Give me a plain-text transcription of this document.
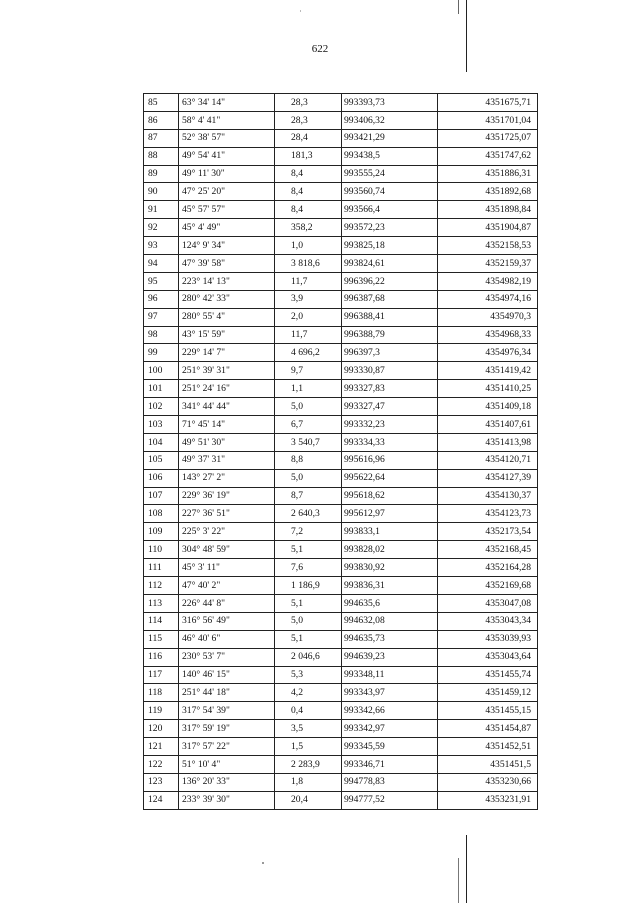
622
85	63° 34' 14"	28,3	993393,73	4351675,71
86	58° 4' 41"	28,3	993406,32	4351701,04
87	52° 38' 57"	28,4	993421,29	4351725,07
88	49° 54' 41"	181,3	993438,5	4351747,62
89	49° 11' 30"	8,4	993555,24	4351886,31
90	47° 25' 20"	8,4	993560,74	4351892,68
91	45° 57' 57"	8,4	993566,4	4351898,84
92	45° 4' 49"	358,2	993572,23	4351904,87
93	124° 9' 34"	1,0	993825,18	4352158,53
94	47° 39' 58"	3 818,6	993824,61	4352159,37
95	223° 14' 13"	11,7	996396,22	4354982,19
96	280° 42' 33"	3,9	996387,68	4354974,16
97	280° 55' 4"	2,0	996388,41	4354970,3
98	43° 15' 59"	11,7	996388,79	4354968,33
99	229° 14' 7"	4 696,2	996397,3	4354976,34
100	251° 39' 31"	9,7	993330,87	4351419,42
101	251° 24' 16"	1,1	993327,83	4351410,25
102	341° 44' 44"	5,0	993327,47	4351409,18
103	71° 45' 14"	6,7	993332,23	4351407,61
104	49° 51' 30"	3 540,7	993334,33	4351413,98
105	49° 37' 31"	8,8	995616,96	4354120,71
106	143° 27' 2"	5,0	995622,64	4354127,39
107	229° 36' 19"	8,7	995618,62	4354130,37
108	227° 36' 51"	2 640,3	995612,97	4354123,73
109	225° 3' 22"	7,2	993833,1	4352173,54
110	304° 48' 59"	5,1	993828,02	4352168,45
111	45° 3' 11"	7,6	993830,92	4352164,28
112	47° 40' 2"	1 186,9	993836,31	4352169,68
113	226° 44' 8"	5,1	994635,6	4353047,08
114	316° 56' 49"	5,0	994632,08	4353043,34
115	46° 40' 6"	5,1	994635,73	4353039,93
116	230° 53' 7"	2 046,6	994639,23	4353043,64
117	140° 46' 15"	5,3	993348,11	4351455,74
118	251° 44' 18"	4,2	993343,97	4351459,12
119	317° 54' 39"	0,4	993342,66	4351455,15
120	317° 59' 19"	3,5	993342,97	4351454,87
121	317° 57' 22"	1,5	993345,59	4351452,51
122	51° 10' 4"	2 283,9	993346,71	4351451,5
123	136° 20' 33"	1,8	994778,83	4353230,66
124	233° 39' 30"	20,4	994777,52	4353231,91
